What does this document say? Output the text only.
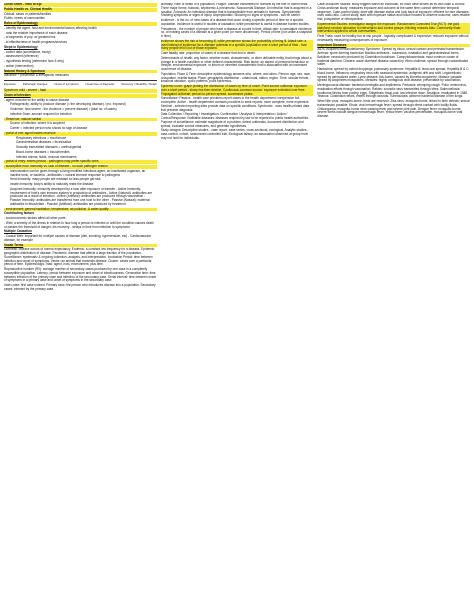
Cheat Sheet - Intro to Epi

Public Health vs. Clinical Health

Clinical: cases or patients/families

Public: needs of communities

Roles of Epidemiology

- Identify the agent, host and environmental factors affecting health

- rank the relative importance of each disease

- id segments of pop. w/ greatest risk

- id effectiveness of health programs/services

Steps in Epidemiology

- collect data (surveillance, study)

- assessment (inference)

- hypothesis testing (determine how & why)

- action (intervention)

Natural History & Spectrum

Influence + preventive & therapeutic measures

Exposure	Pathologic changes	Onset of symptoms	Usual time of diagnosis	Recovery / Disability / Death

Spectrum: mild - severe - fatal

Chain of Infection

- agent: microbe w/ the ability to cause disease

Pathogenicity: ability to produce disease (= the developing disease) / (no. exposed)

Virulence: how severe - the virulence = (severe disease) / (total no. of cases)

Infective Dose: amount required for infection

- Reservoir: natural habitat

Source of infection: where it is acquired

Carrier = infected person who shows no sign of disease

- portal of exit: agent leaves reservoir

Respiratory infections = mouth/nose

Gastrointestinal diseases = feces/saliva

Sexually transmitted diseases = urethra/genital

Blood-borne diseases = blood/needles

Infected animal, fluids, mucous membranes

- portal of entry: enters person - pathogens may prefer specific ones

- susceptible host: immunity vs. lack of disease - no such pathogen reason

Immunization can be given through a living modified infectious agent, an inactivated organism, an inactive toxin, or bacteria - antibodies = natural immune response to pathogens

Herd immunity: many people are resistant so less people get sick

Innate immunity: body's ability to naturally resist the disease

Acquired immunity: immunity developed by a host after exposure or transfer - Active Immunity: involvement of host's own immune system in production of antibodies - Active (Natural): antibodies are produced as a result of infection - Active (Artificial): antibodies are produced through vaccination - Passive Immunity: antibodies are transferred from one host to the other - Passive (Natural): maternal antibodies to fetus/infant - Passive (Artificial): antibodies are produced by treatment

- environment: general sanitation, temperature, air pollution, & water quality

Contributing factors

- socioeconomic factors affect all other parts

- Web: a severity of the illness in relation to how long a person is infected or until the condition causes death or passes the threshold of danger; dis recovery - delays in time from infection to symptoms

Multiple Causation

- Causal Web: important for multiple causes of disease (diet, smoking, hypertension, etc) - Cardiovascular disease, for example

Vocab Terms

Outbreak: disease occurs of normal expectancy. Endemic: a constant low frequency for a disease. Epidemic: geographic distribution of disease. Pandemic: disease that affects a large fraction of the population. Surveillance: systematic & ongoing collection, analysis, and interpretation. Incubation Period: time between infection and onset of symptoms. Vector: an animal that transmits disease. Cluster: cases over a particular period of time. Epidemiologic Triad: agent, host, environment, plus time.

Reproductive number (R0): average number of secondary cases produced by one case in a completely susceptible population. Latency: period between exposure and onset of infectiousness. Generation time: time between infection of the primary case and infection of the secondary case. Serial interval: time between onset of symptoms in a primary case and onset of symptoms in the secondary case.

Index case: first case noticed. Primary case: the person who introduces disease into a population. Secondary cases: infected by the primary case.

Mortality: Rate of death in a population. Plague: Disease transmitted to humans by the bite of rodent fleas. Three major forms: bubonic, septicemic & pneumonic. Nosocomial Disease: An infection that is acquired in a hospital. Zoonosis: An infectious disease that is transmissible from animals to humans. Symptomatic: Showing symptoms or signs of injury. Asymptomatic: Showing no signs or symptoms - can be carrier.

Incidence - is the no. of new cases of a disease that occur during a specific period of time for a specific population. Incidence is useful in studies of causation, while prevalence is useful in disease burden studies.

Prevalence - the number of people who have a disease at a point in time. Attack rate: a cumulative incidence; no. of existing cases of a disease at a given point (or more uncommon). Period of time (not unlike a snapshot in time).

Incidence shows the risk of becoming ill, while prevalence shows the probability of being ill. Attack rate: a used instead of incidence for a disease outbreak in a specific population over a short period of time - how many people fell ill out of those exposed.

Case fatality rate: proportion of cases of a disease that end in death.

Determinants of health: any factor, whether event, characteristic, or other definable entity, that brings about a change in a health condition or other defined characteristic. Risk factor: an aspect of personal behaviour or lifestyle, environmental exposure, or inborn or inherited characteristic that is associated with an increased occurrence of disease.

Population, Place & Time: descriptive epidemiology answers who, where, and when. Person: age, sex, race, occupation, marital status. Place: geographic distribution - urban/rural, nation, region. Time: secular trends, seasonal variation, cyclic patterns, point epidemics.

Epidemic curve: graph plotting the distribution of cases by time of onset. Point-source outbreak: exposure over a short period - sharp rise then decline. Continuous common source: exposure extended over time. Propagated outbreak: person-to-person spread, successive peaks.

Surveillance: Passive - health care providers report cases to the health department; inexpensive but incomplete. Active - health department contacts providers to seek reports; more complete, more expensive. Sentinel - selected reporting sites provide data on specific conditions. Syndromic - uses health-related data that precede diagnosis.

Data Collection / Reporting / Investigation: Confirmation / Analysis & Interpretation / Action / Control/Response. Notifiable diseases: diseases required by law to be reported to public health authorities. Purpose of surveillance: estimate magnitude of a problem, detect outbreaks, document distribution and spread, evaluate control measures, and generate hypotheses.

Study designs: Descriptive studies - case report, case series, cross-sectional, ecological. Analytic studies - case-control, cohort, randomized controlled trial. Ecological fallacy: an association observed at group level may not hold for individuals.

Case-crossover studies: study triggers within an individual; for each case serves as its own case & control. Cross-sectional study: measures exposure and outcome at the same time; cannot determine temporal sequence. Case-control study: start with disease status and look back at exposure; efficient for rare diseases; uses odds ratio. Cohort study: start with exposure status and follow forward to observe outcome; uses relative risk; prospective or retrospective.

Experimental Studies: investigator assigns the exposure. Randomized Controlled Trial (RCT): the gold standard; random allocation to intervention and control groups; blinding reduces bias. Community trials: intervention applied to whole communities.

Field Trials: used for healthy but at risk people - logically complicated & expensive; reduces exposure without necessarily measuring consequences of exposure.

Important Diseases

AIDS: Acquired Immunodeficiency Syndrome. Spread by blood, sexual contact and perinatal transmission. Anthrax: spore-forming bacterium Bacillus anthracis - cutaneous, inhalation and gastrointestinal forms. Botulism: neurotoxin produced by Clostridium botulinum. Campylobacteriosis: most common cause of bacterial diarrhea. Cholera: acute diarrheal disease caused by Vibrio cholerae; spread through contaminated water.

Hantavirus: spread by rodent droppings; pulmonary syndrome. Hepatitis A: fecal-oral spread. Hepatitis B & C: blood-borne. Influenza: respiratory virus with seasonal epidemics; antigenic drift and shift. Legionellosis: spread by aerosolized water. Lyme disease: tick-borne, caused by Borrelia burgdorferi. Malaria: parasite spread by Anopheles mosquitoes. Measles: highly contagious viral disease, preventable by vaccination.

Meningococcal disease: bacterial meningitis and septicemia. Pertussis: whooping cough. Polio: enterovirus, eradication efforts through vaccination. Rabies: zoonotic virus transmitted through bites. Salmonellosis: foodborne illness from poultry, eggs. Shigellosis: fecal-oral, low infective dose. Smallpox: eradicated in 1980. Tetanus: Clostridium tetani, enters through wounds. Tuberculosis: airborne bacterial disease of the lungs.

West Nile virus: mosquito-borne, birds are reservoir. Zika virus: mosquito-borne, linked to birth defects; sexual transmission possible. Ebola: viral hemorrhagic fever; spread through direct contact with bodily fluids. Chikungunya: mosquito-borne virus causing fever and severe joint pain. Dengue fever: mosquito-borne; severe forms include dengue hemorrhagic fever. Yellow fever: vaccine-preventable, mosquito-borne viral disease.
